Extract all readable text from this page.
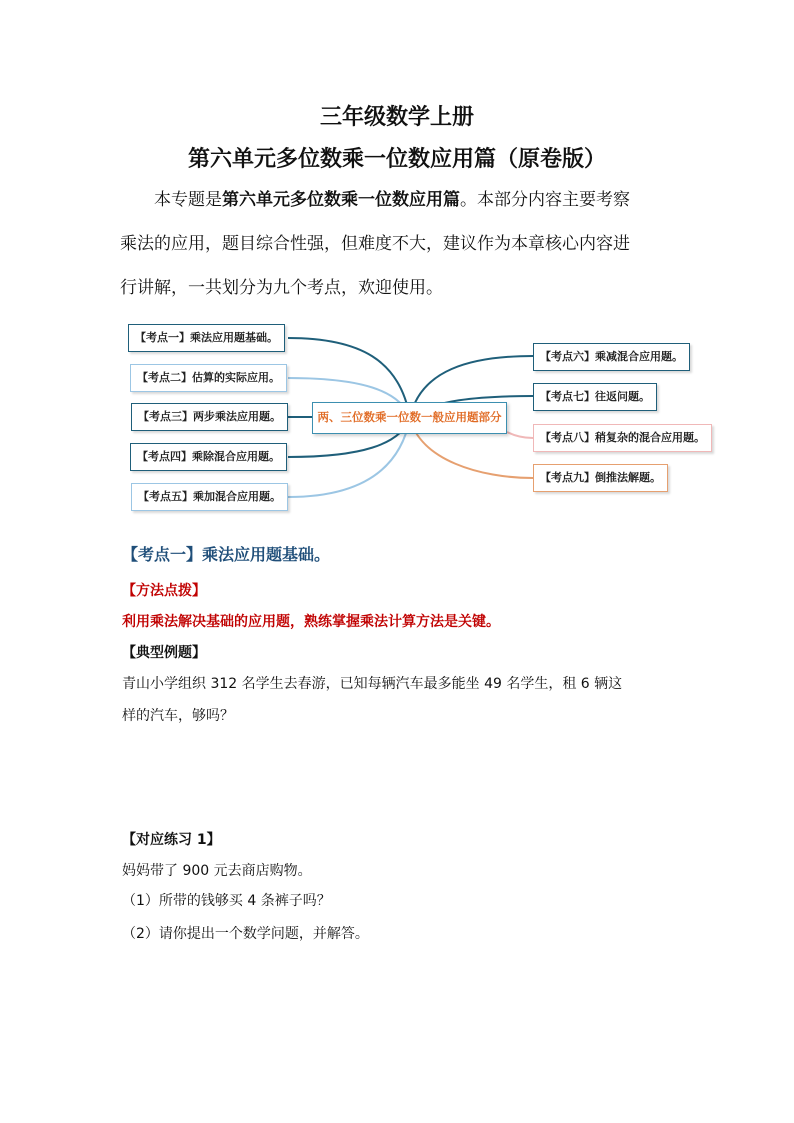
三年级数学上册
第六单元多位数乘一位数应用篇（原卷版）
本专题是第六单元多位数乘一位数应用篇。本部分内容主要考察
乘法的应用，题目综合性强，但难度不大，建议作为本章核心内容进
行讲解，一共划分为九个考点，欢迎使用。
【考点一】乘法应用题基础。
【考点二】估算的实际应用。
【考点三】两步乘法应用题。
【考点四】乘除混合应用题。
【考点五】乘加混合应用题。
两、三位数乘一位数一般应用题部分
【考点六】乘减混合应用题。
【考点七】往返问题。
【考点八】稍复杂的混合应用题。
【考点九】倒推法解题。
【考点一】乘法应用题基础。
【方法点拨】
利用乘法解决基础的应用题，熟练掌握乘法计算方法是关键。
【典型例题】
青山小学组织 312 名学生去春游，已知每辆汽车最多能坐 49 名学生，租 6 辆这
样的汽车，够吗？
【对应练习 1】
妈妈带了 900 元去商店购物。
（1）所带的钱够买 4 条裤子吗？
（2）请你提出一个数学问题，并解答。
